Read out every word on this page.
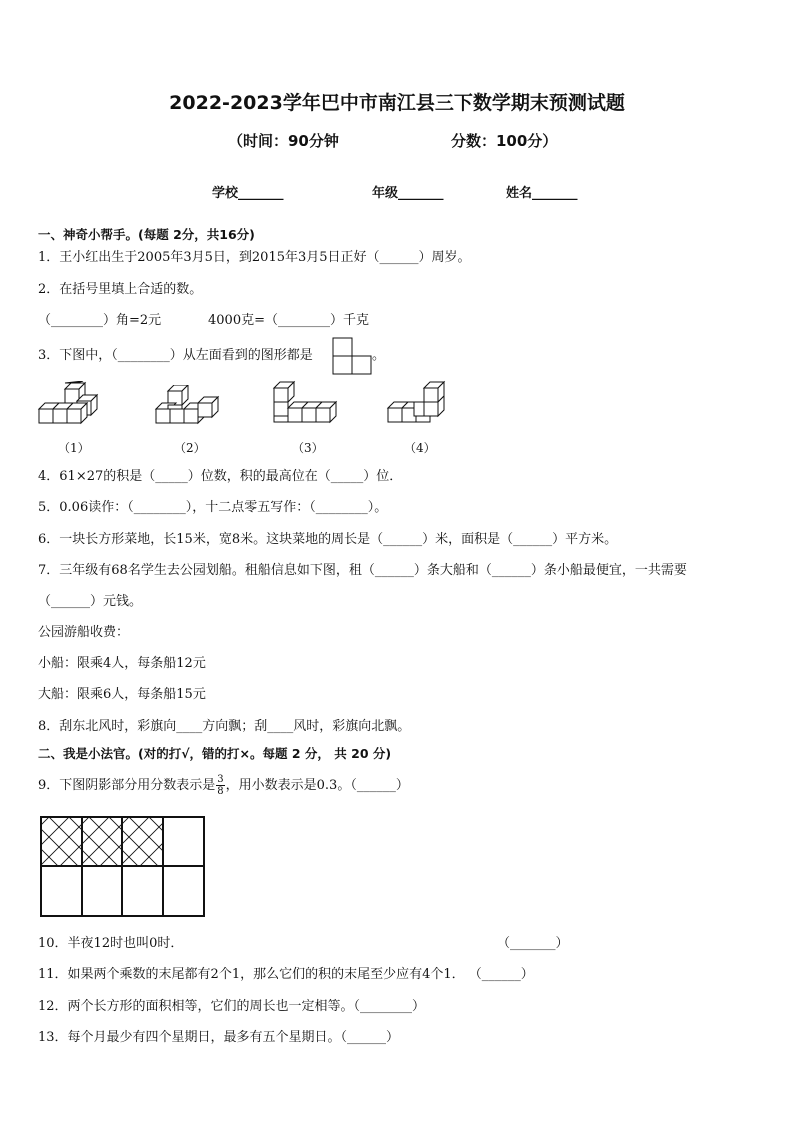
2022-2023学年巴中市南江县三下数学期末预测试题
（时间：90分钟	分数：100分）
学校_______	年级_______	姓名_______
一、神奇小帮手。(每题 2分，共16分)
1．王小红出生于2005年3月5日，到2015年3月5日正好（______）周岁。
2．在括号里填上合适的数。
（________）角=2元	4000克=（________）千克
3．下图中，（________）从左面看到的图形都是	。
（1）	（2）	（3）	（4）
4．61×27的积是（_____）位数，积的最高位在（_____）位．
5．0.06读作：（________），十二点零五写作：（________）。
6．一块长方形菜地，长15米，宽8米。这块菜地的周长是（______）米，面积是（______）平方米。
7．三年级有68名学生去公园划船。租船信息如下图，租（______）条大船和（______）条小船最便宜，一共需要
（______）元钱。
公园游船收费：
小船：限乘4人，每条船12元
大船：限乘6人，每条船15元
8．刮东北风时，彩旗向____方向飘；刮____风时，彩旗向北飘。
二、我是小法官。(对的打√，错的打×。每题 2 分， 共 20 分)
9．下图阴影部分用分数表示是 $\frac{3}{8}$ ，用小数表示是0.3。（______）
10．半夜12时也叫0时．	（_______）
11．如果两个乘数的末尾都有2个1，那么它们的积的末尾至少应有4个1． （______）
12．两个长方形的面积相等，它们的周长也一定相等。（________）
13．每个月最少有四个星期日，最多有五个星期日。（______）
